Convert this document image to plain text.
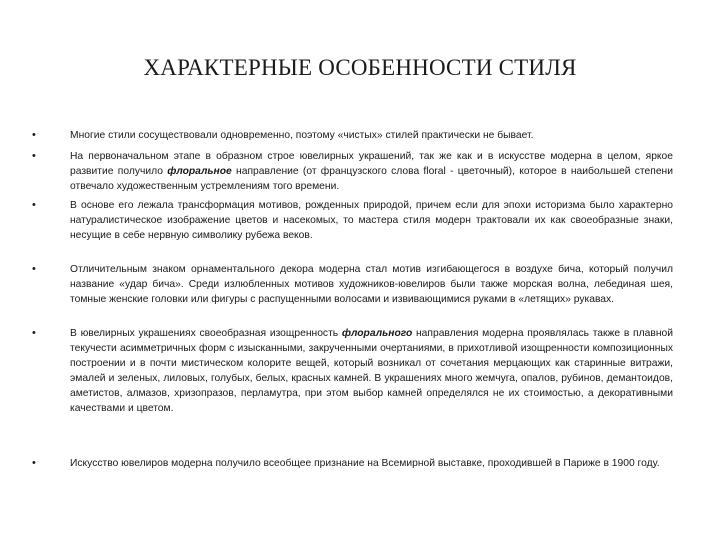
ХАРАКТЕРНЫЕ ОСОБЕННОСТИ СТИЛЯ
• Многие стили сосуществовали одновременно, поэтому «чистых» стилей практически не бывает.
• На первоначальном этапе в образном строе ювелирных украшений, так же как и в искусстве модерна в целом, яркое развитие получило флоральное направление (от французского слова floral - цветочный), которое в наибольшей степени отвечало художественным устремлениям того времени.
• В основе его лежала трансформация мотивов, рожденных природой, причем если для эпохи историзма было характерно натуралистическое изображение цветов и насекомых, то мастера стиля модерн трактовали их как своеобразные знаки, несущие в себе нервную символику рубежа веков.
• Отличительным знаком орнаментального декора модерна стал мотив изгибающегося в воздухе бича, который получил название «удар бича». Среди излюбленных мотивов художников-ювелиров были также морская волна, лебединая шея, томные женские головки или фигуры с распущенными волосами и извивающимися руками в «летящих» рукавах.
• В ювелирных украшениях своеобразная изощренность флорального направления модерна проявлялась также в плавной текучести асимметричных форм с изысканными, закрученными очертаниями, в прихотливой изощренности композиционных построении и в почти мистическом колорите вещей, который возникал от сочетания мерцающих как старинные витражи, эмалей и зеленых, лиловых, голубых, белых, красных камней. В украшениях много жемчуга, опалов, рубинов, демантоидов, аметистов, алмазов, хризопразов, перламутра, при этом выбор камней определялся не их стоимостью, а декоративными качествами и цветом.
• Искусство ювелиров модерна получило всеобщее признание на Всемирной выставке, проходившей в Париже в 1900 году.
